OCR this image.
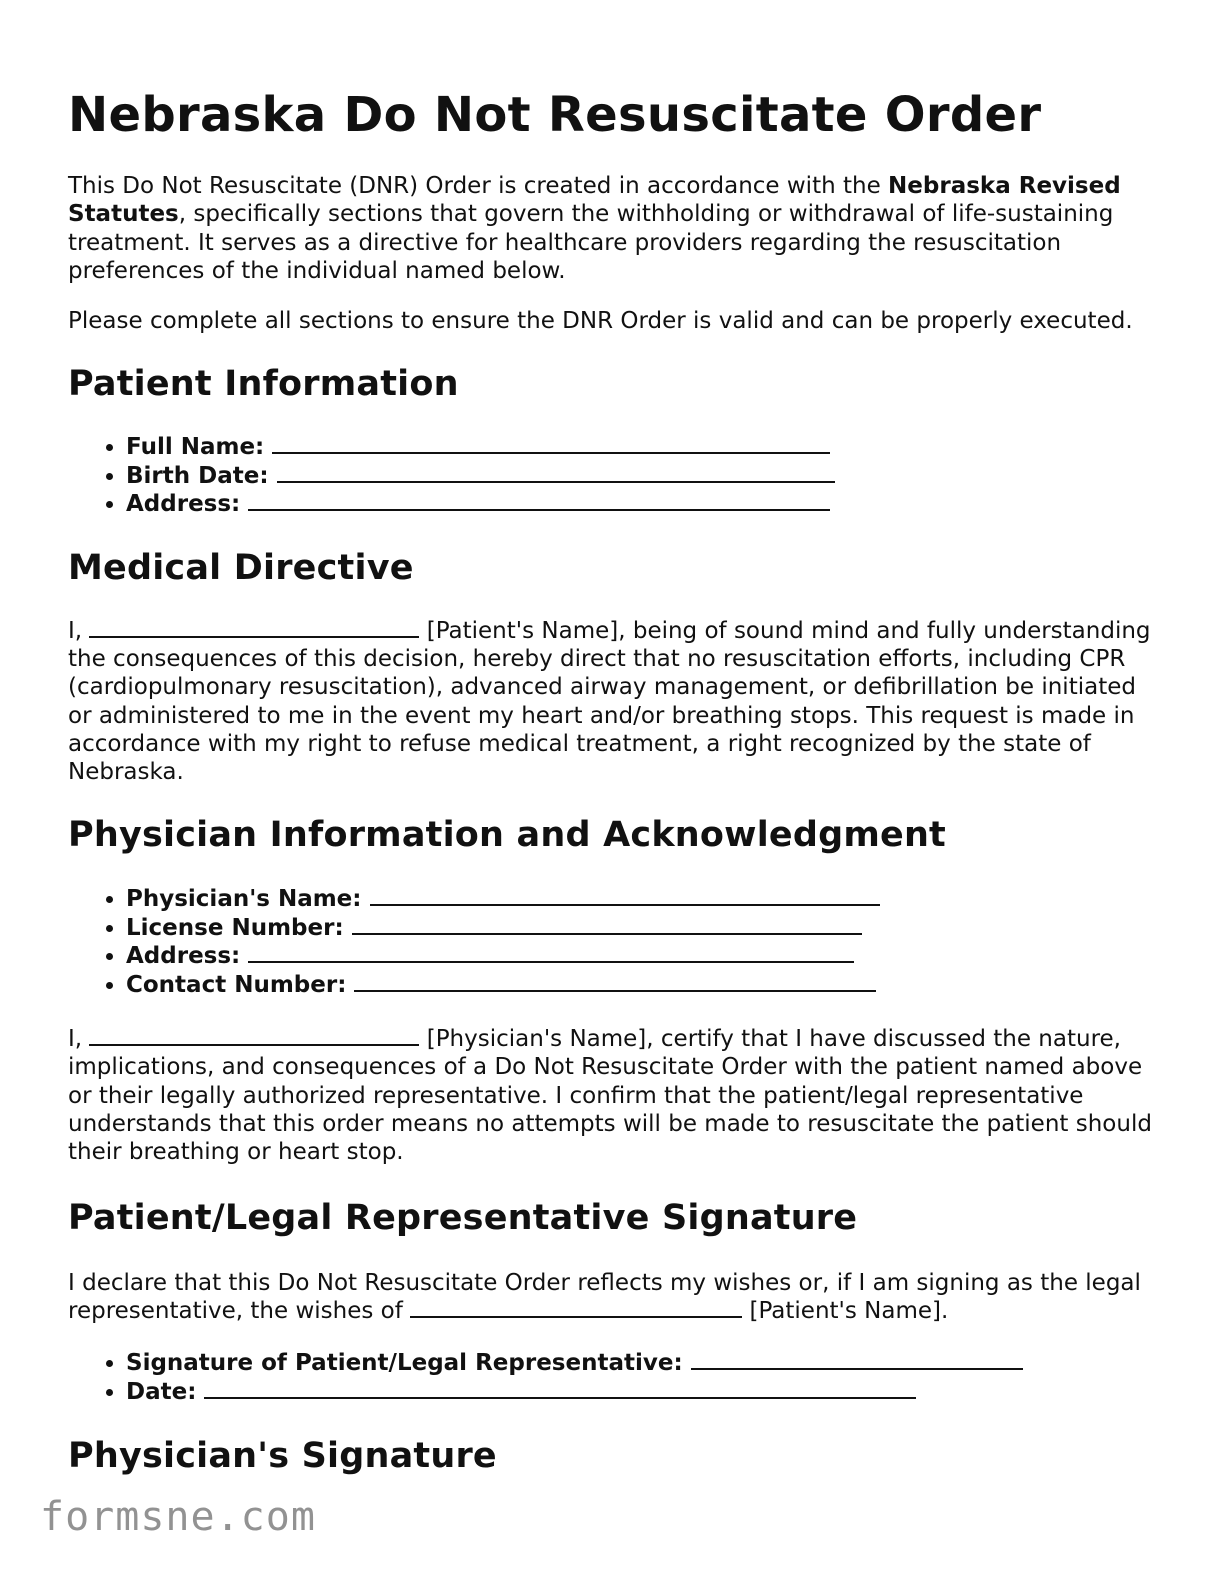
Nebraska Do Not Resuscitate Order

This Do Not Resuscitate (DNR) Order is created in accordance with the Nebraska Revised Statutes, specifically sections that govern the withholding or withdrawal of life-sustaining treatment. It serves as a directive for healthcare providers regarding the resuscitation preferences of the individual named below.

Please complete all sections to ensure the DNR Order is valid and can be properly executed.

Patient Information
• Full Name:
• Birth Date:
• Address:
Medical Directive

I,	[Patient's Name], being of sound mind and fully understanding the consequences of this decision, hereby direct that no resuscitation efforts, including CPR (cardiopulmonary resuscitation), advanced airway management, or defibrillation be initiated or administered to me in the event my heart and/or breathing stops. This request is made in accordance with my right to refuse medical treatment, a right recognized by the state of Nebraska.

Physician Information and Acknowledgment
• Physician's Name:
• License Number:
• Address:
• Contact Number:

I,	[Physician's Name], certify that I have discussed the nature, implications, and consequences of a Do Not Resuscitate Order with the patient named above or their legally authorized representative. I confirm that the patient/legal representative understands that this order means no attempts will be made to resuscitate the patient should their breathing or heart stop.

Patient/Legal Representative Signature

I declare that this Do Not Resuscitate Order reflects my wishes or, if I am signing as the legal representative, the wishes of	[Patient's Name].

• Signature of Patient/Legal Representative:
• Date:
Physician's Signature
formsne.com
